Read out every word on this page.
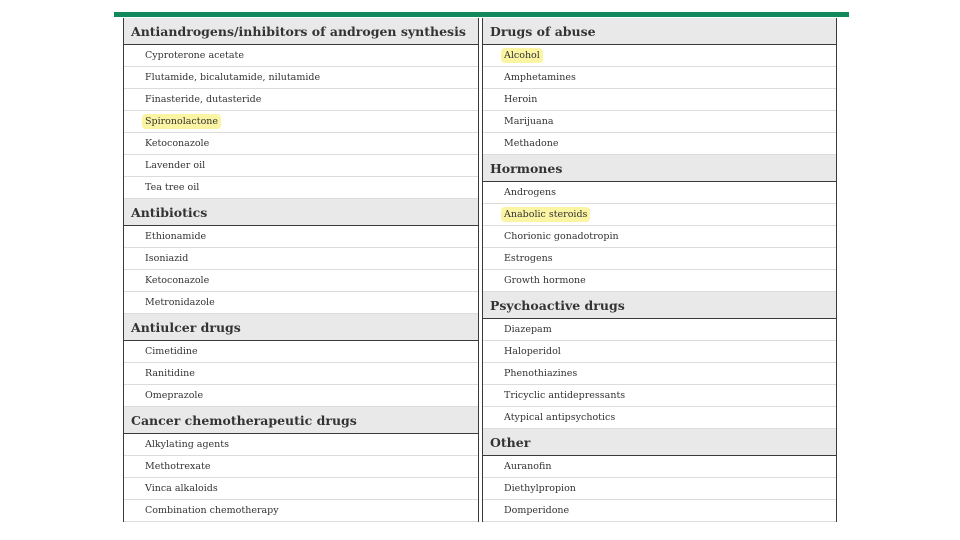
Antiandrogens/inhibitors of androgen synthesis
Cyproterone acetate
Flutamide, bicalutamide, nilutamide
Finasteride, dutasteride
Spironolactone
Ketoconazole
Lavender oil
Tea tree oil
Antibiotics
Ethionamide
Isoniazid
Ketoconazole
Metronidazole
Antiulcer drugs
Cimetidine
Ranitidine
Omeprazole
Cancer chemotherapeutic drugs
Alkylating agents
Methotrexate
Vinca alkaloids
Combination chemotherapy
Drugs of abuse
Alcohol
Amphetamines
Heroin
Marijuana
Methadone
Hormones
Androgens
Anabolic steroids
Chorionic gonadotropin
Estrogens
Growth hormone
Psychoactive drugs
Diazepam
Haloperidol
Phenothiazines
Tricyclic antidepressants
Atypical antipsychotics
Other
Auranofin
Diethylpropion
Domperidone
